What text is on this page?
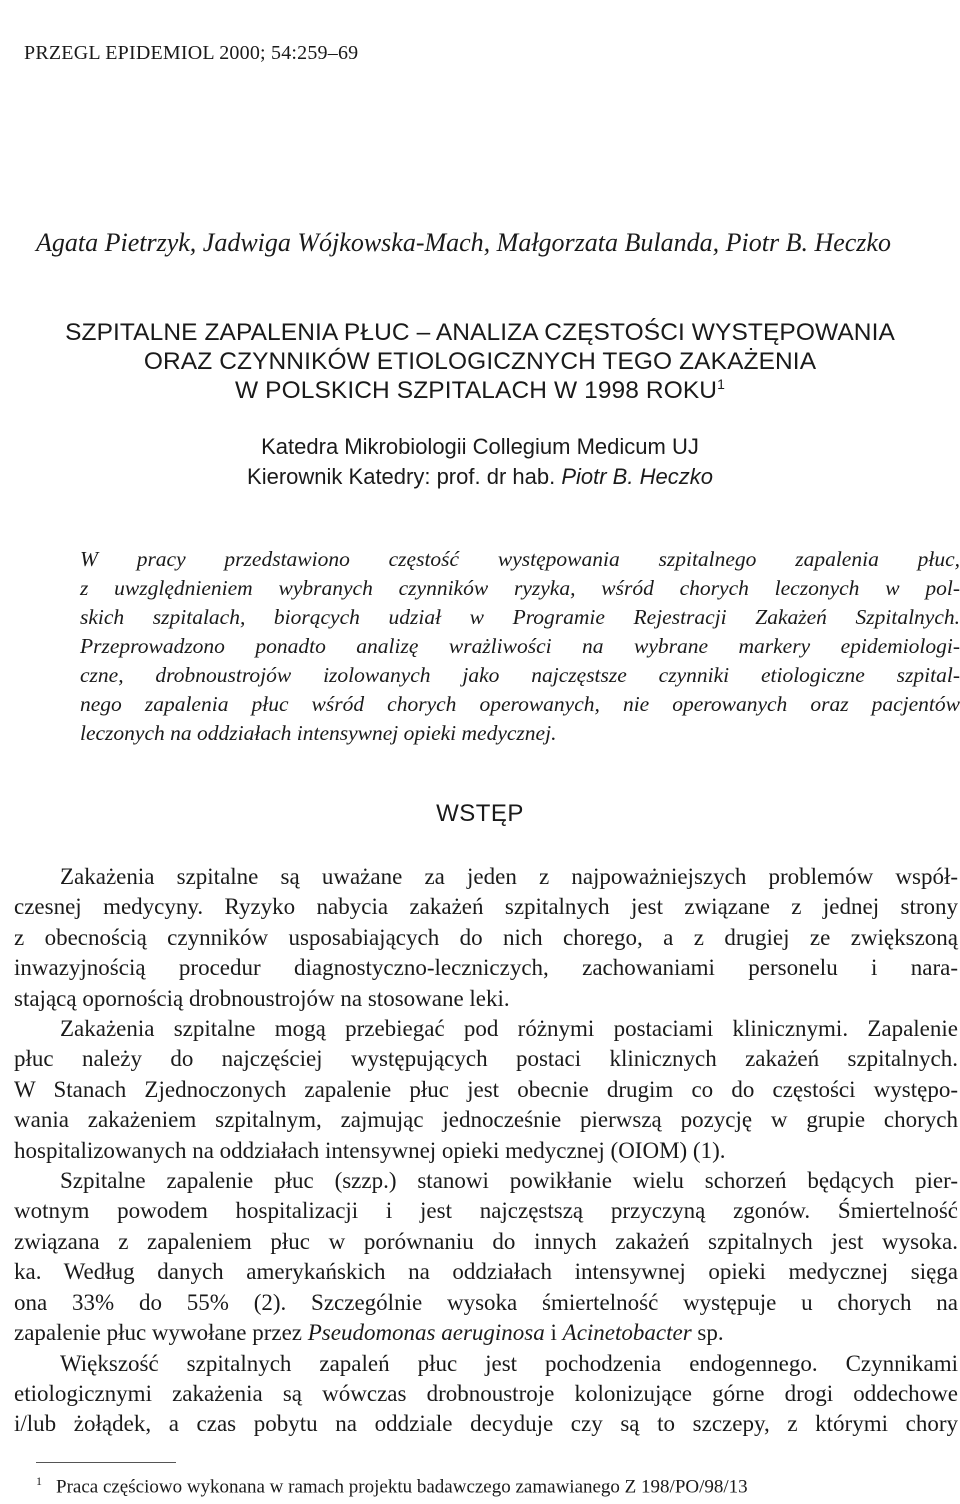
PRZEGL EPIDEMIOL 2000; 54:259–69
Agata Pietrzyk, Jadwiga Wójkowska-Mach, Małgorzata Bulanda, Piotr B. Heczko
SZPITALNE ZAPALENIA PŁUC – ANALIZA CZĘSTOŚCI WYSTĘPOWANIA
ORAZ CZYNNIKÓW ETIOLOGICZNYCH TEGO ZAKAŻENIA
W POLSKICH SZPITALACH W 1998 ROKU$^1$
Katedra Mikrobiologii Collegium Medicum UJ
Kierownik Katedry: prof. dr hab. Piotr B. Heczko
W pracy przedstawiono częstość występowania szpitalnego zapalenia płuc,
z uwzględnieniem wybranych czynników ryzyka, wśród chorych leczonych w pol-
skich szpitalach, biorących udział w Programie Rejestracji Zakażeń Szpitalnych.
Przeprowadzono ponadto analizę wrażliwości na wybrane markery epidemiologi-
czne, drobnoustrojów izolowanych jako najczęstsze czynniki etiologiczne szpital-
nego zapalenia płuc wśród chorych operowanych, nie operowanych oraz pacjentów
leczonych na oddziałach intensywnej opieki medycznej.
WSTĘP
Zakażenia szpitalne są uważane za jeden z najpoważniejszych problemów współ-
czesnej medycyny. Ryzyko nabycia zakażeń szpitalnych jest związane z jednej strony
z obecnością czynników usposabiających do nich chorego, a z drugiej ze zwiększoną
inwazyjnością procedur diagnostyczno-leczniczych, zachowaniami personelu i nara-
stającą opornością drobnoustrojów na stosowane leki.
Zakażenia szpitalne mogą przebiegać pod różnymi postaciami klinicznymi. Zapalenie
płuc należy do najczęściej występujących postaci klinicznych zakażeń szpitalnych.
W Stanach Zjednoczonych zapalenie płuc jest obecnie drugim co do częstości występo-
wania zakażeniem szpitalnym, zajmując jednocześnie pierwszą pozycję w grupie chorych
hospitalizowanych na oddziałach intensywnej opieki medycznej (OIOM) (1).
Szpitalne zapalenie płuc (szzp.) stanowi powikłanie wielu schorzeń będących pier-
wotnym powodem hospitalizacji i jest najczęstszą przyczyną zgonów. Śmiertelność
związana z zapaleniem płuc w porównaniu do innych zakażeń szpitalnych jest wysoka.
ka. Według danych amerykańskich na oddziałach intensywnej opieki medycznej sięga
ona 33% do 55% (2). Szczególnie wysoka śmiertelność występuje u chorych na
zapalenie płuc wywołane przez Pseudomonas aeruginosa i Acinetobacter sp.
Większość szpitalnych zapaleń płuc jest pochodzenia endogennego. Czynnikami
etiologicznymi zakażenia są wówczas drobnoustroje kolonizujące górne drogi oddechowe
i/lub żołądek, a czas pobytu na oddziale decyduje czy są to szczepy, z którymi chory
$^1$ Praca częściowo wykonana w ramach projektu badawczego zamawianego Z 198/PO/98/13
